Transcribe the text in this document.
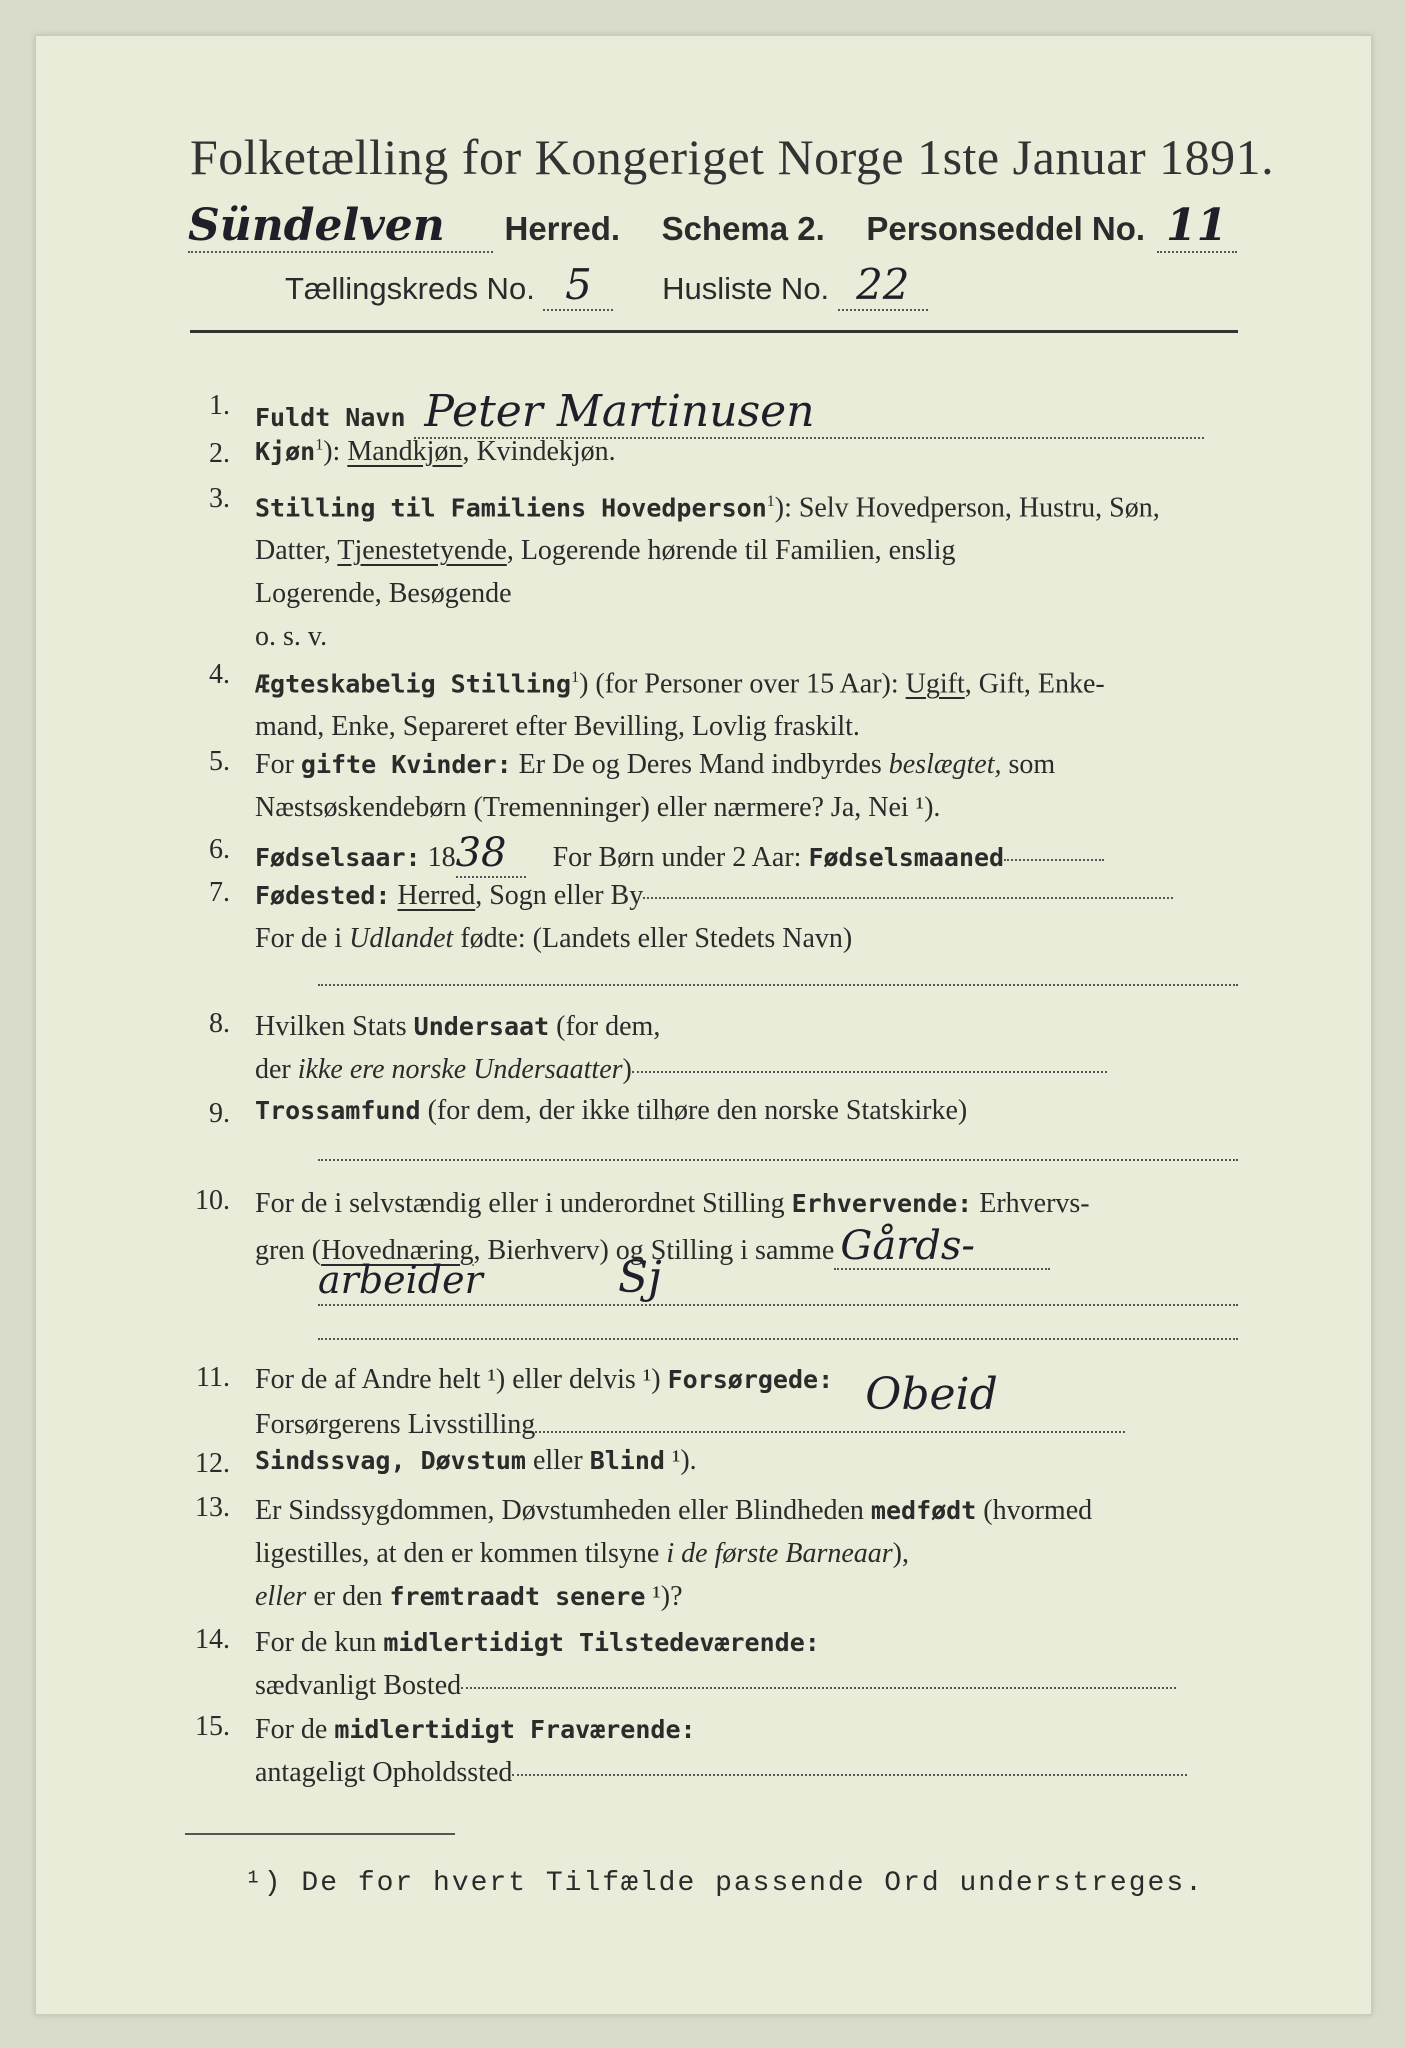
Folketælling for Kongeriget Norge 1ste Januar 1891.
Sündelven Herred. Schema 2. Personseddel No. 11
Tællingskreds No. 5 Husliste No. 22
1. Fuldt Navn Peter Martinusen
2. Kjøn$^1$): Mandkjøn, Kvindekjøn.
3. Stilling til Familiens Hovedperson$^1$): Selv Hovedperson, Hustru, Søn,
Datter, Tjenestetyende, Logerende hørende til Familien, enslig
Logerende, Besøgende
o. s. v.
4. Ægteskabelig Stilling$^1$) (for Personer over 15 Aar): Ugift, Gift, Enke-
mand, Enke, Separeret efter Bevilling, Lovlig fraskilt.
5. For gifte Kvinder: Er De og Deres Mand indbyrdes beslægtet, som
Næstsøskendebørn (Tremenninger) eller nærmere? Ja, Nei ¹).
6. Fødselsaar: 1838 For Børn under 2 Aar: Fødselsmaaned
7. Fødested: Herred, Sogn eller By
For de i Udlandet fødte: (Landets eller Stedets Navn)
8. Hvilken Stats Undersaat (for dem,
der ikke ere norske Undersaatter)
9. Trossamfund (for dem, der ikke tilhøre den norske Statskirke)
10. For de i selvstændig eller i underordnet Stilling Erhvervende: Erhvervs-
gren (Hovednæring, Bierhverv) og Stilling i samme Gårds-
arbeider	Sj
11. For de af Andre helt ¹) eller delvis ¹) Forsørgede:
Forsørgerens Livsstilling
Obeid
12. Sindssvag, Døvstum eller Blind ¹).
13. Er Sindssygdommen, Døvstumheden eller Blindheden medfødt (hvormed
ligestilles, at den er kommen tilsyne i de første Barneaar),
eller er den fremtraadt senere ¹)?
14. For de kun midlertidigt Tilstedeværende:
sædvanligt Bosted
15. For de midlertidigt Fraværende:
antageligt Opholdssted
¹) De for hvert Tilfælde passende Ord understreges.
